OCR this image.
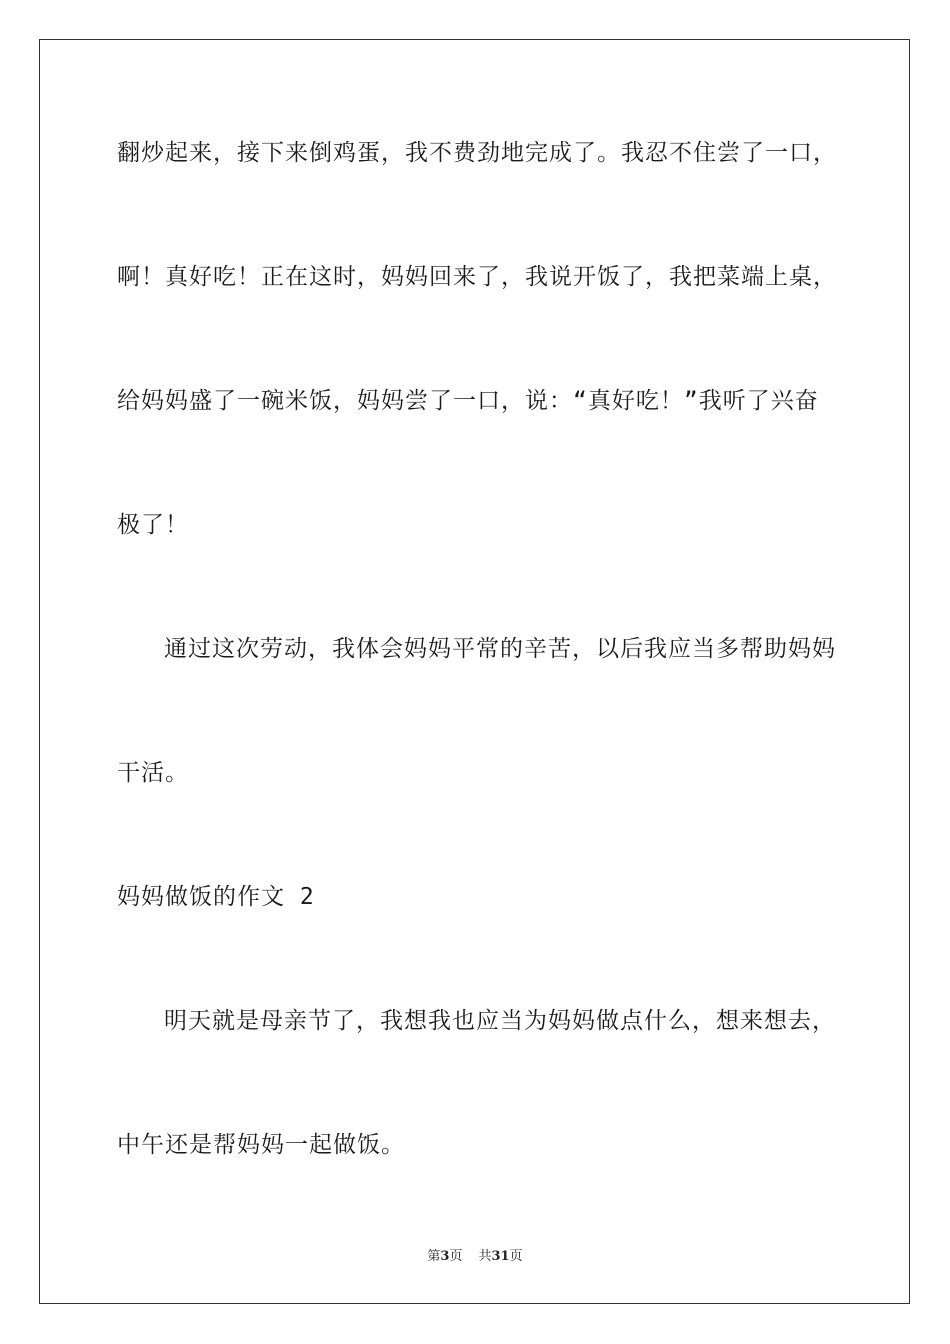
翻炒起来，接下来倒鸡蛋，我不费劲地完成了。我忍不住尝了一口，
啊！真好吃！正在这时，妈妈回来了，我说开饭了，我把菜端上桌，
给妈妈盛了一碗米饭，妈妈尝了一口，说：“真好吃！”我听了兴奋
极了！
通过这次劳动，我体会妈妈平常的辛苦，以后我应当多帮助妈妈
干活。
妈妈做饭的作文 2
明天就是母亲节了，我想我也应当为妈妈做点什么，想来想去，
中午还是帮妈妈一起做饭。
第3页 共31页
